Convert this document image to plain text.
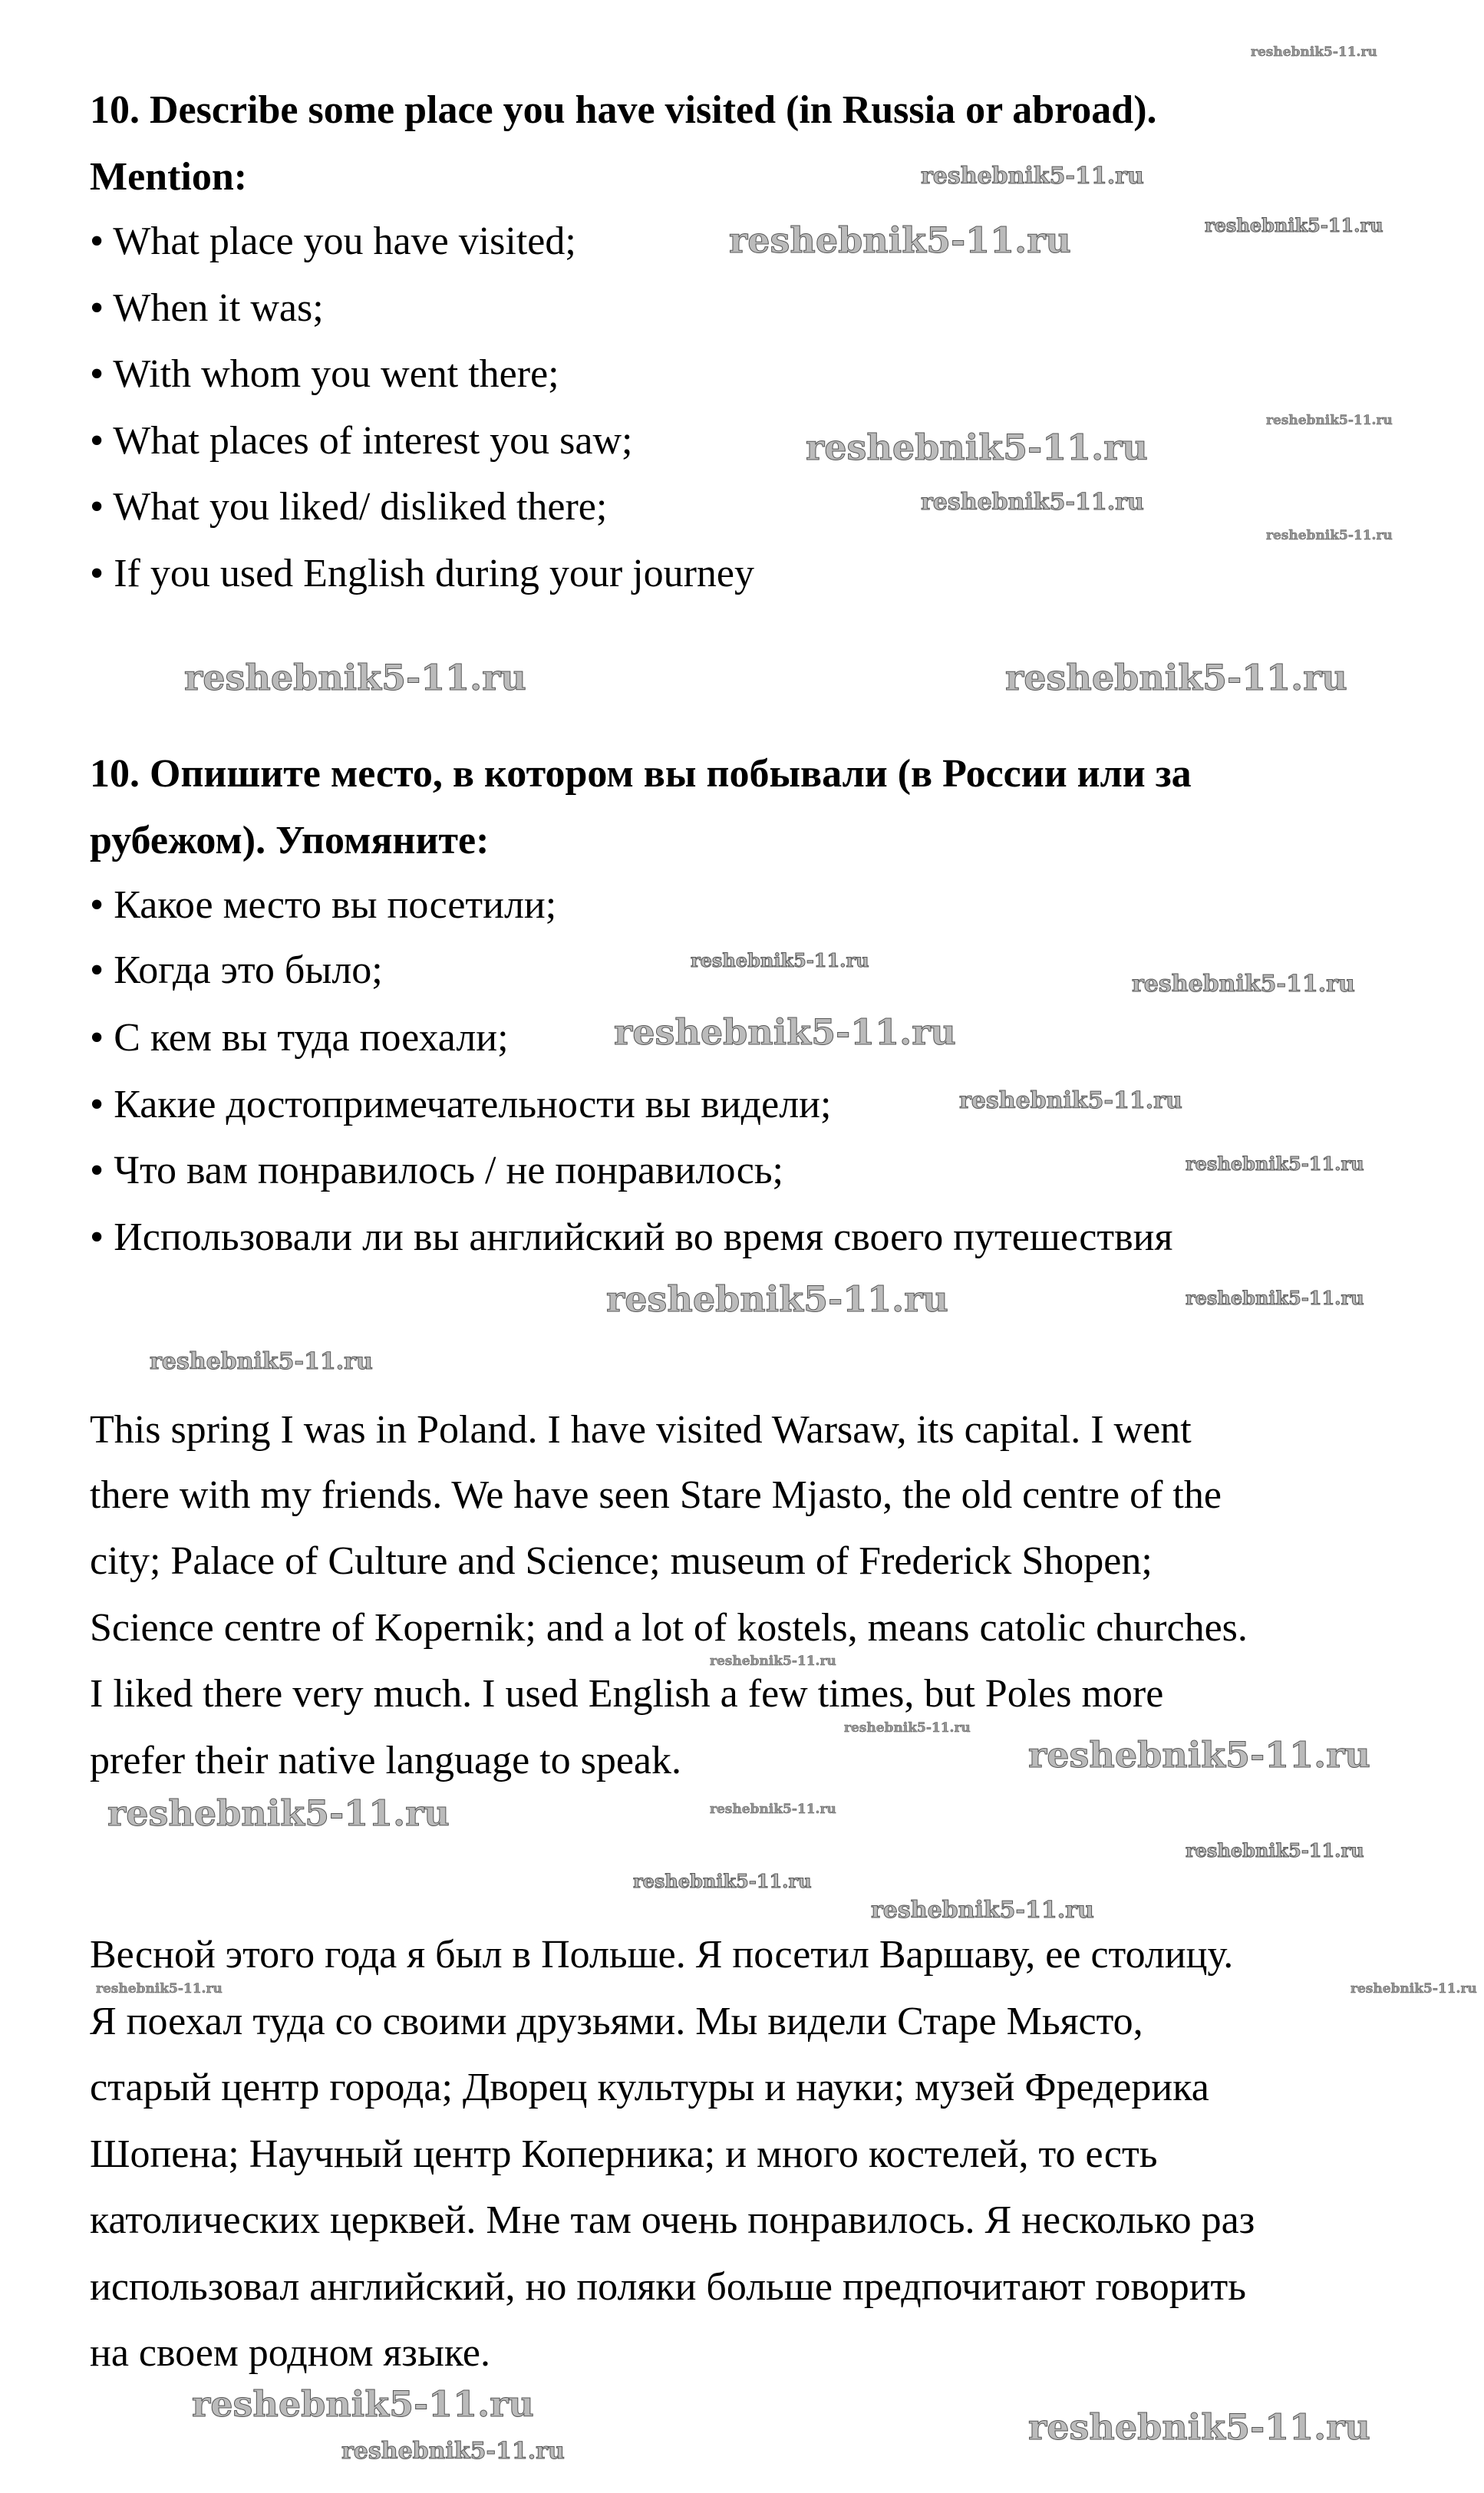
reshebnik5-11.ru
reshebnik5-11.ru
reshebnik5-11.ru	reshebnik5-11.ru
reshebnik5-11.ru
reshebnik5-11.ru
reshebnik5-11.ru
reshebnik5-11.ru
reshebnik5-11.ru	reshebnik5-11.ru
reshebnik5-11.ru
reshebnik5-11.ru
reshebnik5-11.ru
reshebnik5-11.ru
reshebnik5-11.ru
reshebnik5-11.ru	reshebnik5-11.ru
reshebnik5-11.ru
reshebnik5-11.ru
reshebnik5-11.ru
reshebnik5-11.ru
reshebnik5-11.ru
reshebnik5-11.ru
reshebnik5-11.ru	reshebnik5-11.ru
reshebnik5-11.ru
reshebnik5-11.ru
reshebnik5-11.ru
reshebnik5-11.ru
reshebnik5-11.ru
reshebnik5-11.ru
10. Describe some place you have visited (in Russia or abroad).
Mention:
• What place you have visited;
• When it was;
• With whom you went there;
• What places of interest you saw;
• What you liked/ disliked there;
• If you used English during your journey
10. Опишите место, в котором вы побывали (в России или за
рубежом). Упомяните:
• Какое место вы посетили;
• Когда это было;
• С кем вы туда поехали;
• Какие достопримечательности вы видели;
• Что вам понравилось / не понравилось;
• Использовали ли вы английский во время своего путешествия
This spring I was in Poland. I have visited Warsaw, its capital. I went
there with my friends. We have seen Stare Mjasto, the old centre of the
city; Palace of Culture and Science; museum of Frederick Shopen;
Science centre of Kopernik; and a lot of kostels, means catolic churches.
I liked there very much. I used English a few times, but Poles more
prefer their native language to speak.
Весной этого года я был в Польше. Я посетил Варшаву, ее столицу.
Я поехал туда со своими друзьями. Мы видели Старе Мьясто,
старый центр города; Дворец культуры и науки; музей Фредерика
Шопена; Научный центр Коперника; и много костелей, то есть
католических церквей. Мне там очень понравилось. Я несколько раз
использовал английский, но поляки больше предпочитают говорить
на своем родном языке.
